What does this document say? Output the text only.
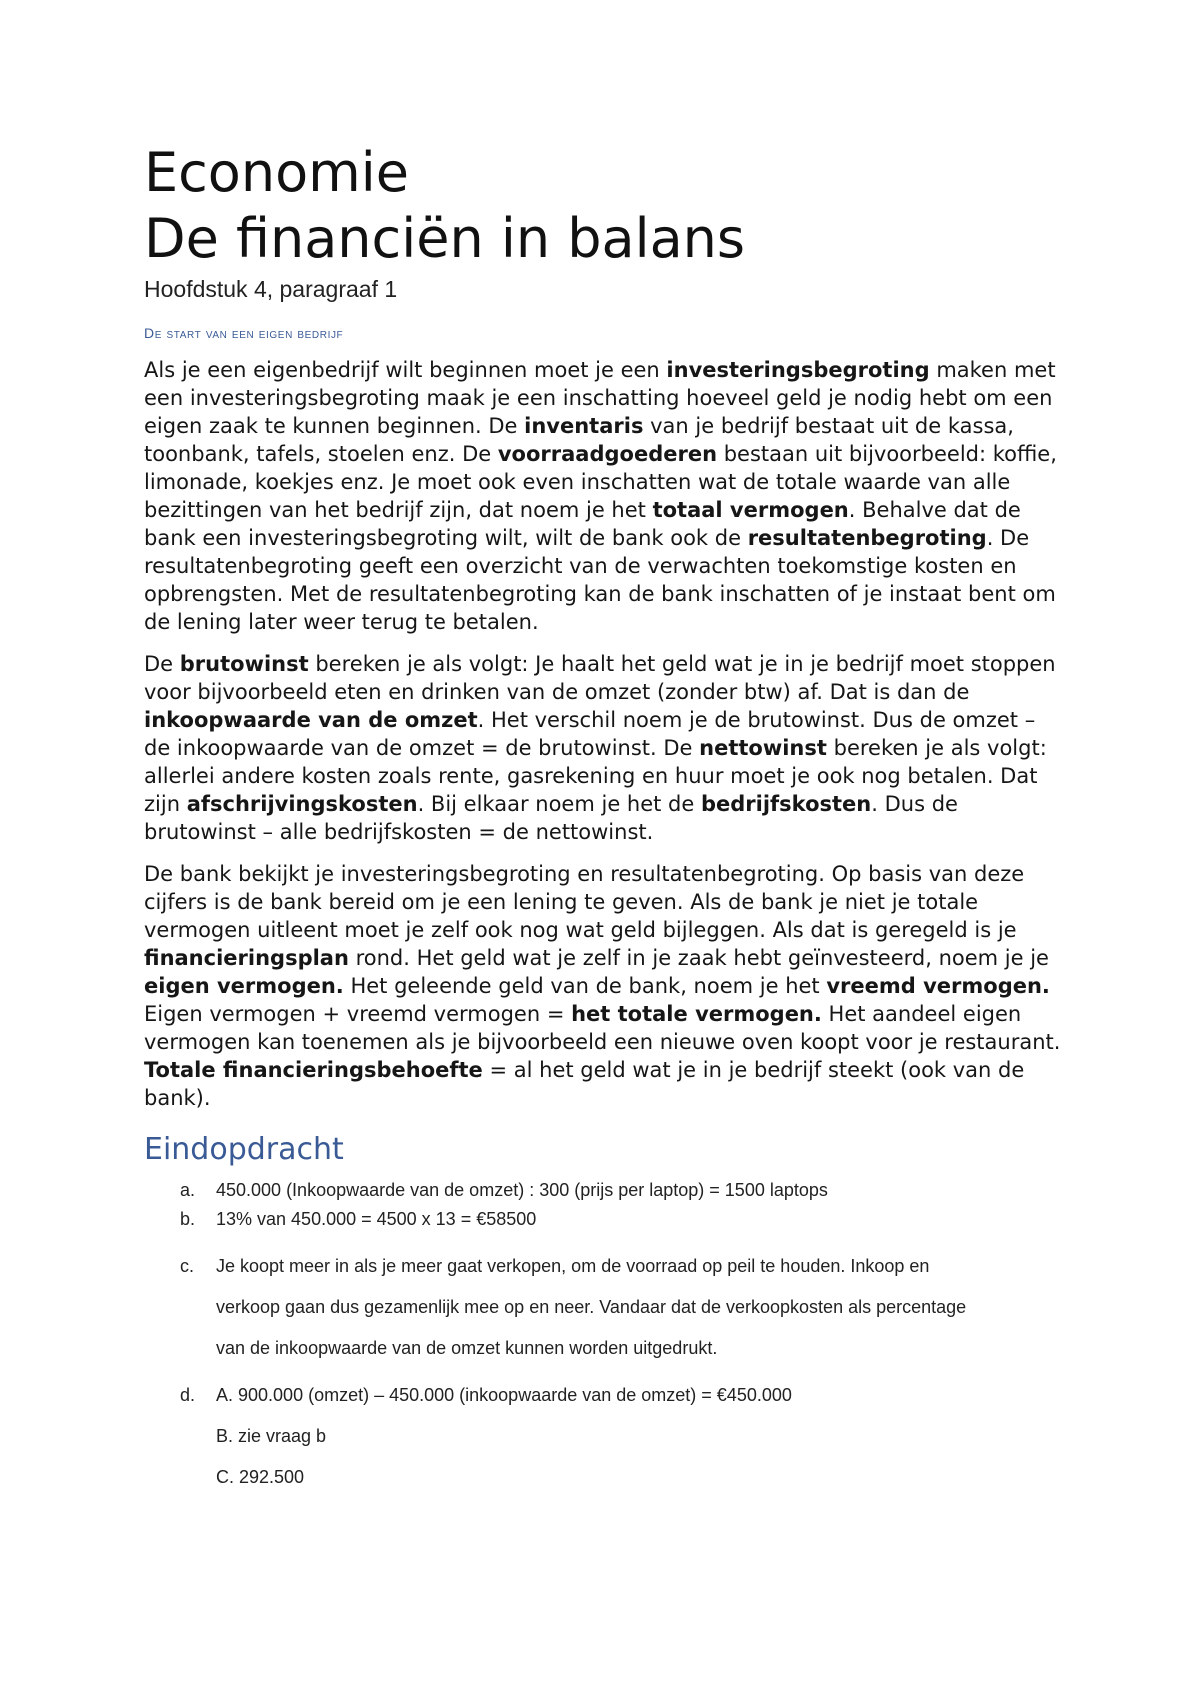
Economie
De financiën in balans
Hoofdstuk 4, paragraaf 1
De start van een eigen bedrijf

Als je een eigenbedrijf wilt beginnen moet je een investeringsbegroting maken met een investeringsbegroting maak je een inschatting hoeveel geld je nodig hebt om een eigen zaak te kunnen beginnen. De inventaris van je bedrijf bestaat uit de kassa, toonbank, tafels, stoelen enz. De voorraadgoederen bestaan uit bijvoorbeeld: koffie, limonade, koekjes enz. Je moet ook even inschatten wat de totale waarde van alle bezittingen van het bedrijf zijn, dat noem je het totaal vermogen. Behalve dat de bank een investeringsbegroting wilt, wilt de bank ook de resultatenbegroting. De resultatenbegroting geeft een overzicht van de verwachten toekomstige kosten en opbrengsten. Met de resultatenbegroting kan de bank inschatten of je instaat bent om de lening later weer terug te betalen.

De brutowinst bereken je als volgt: Je haalt het geld wat je in je bedrijf moet stoppen voor bijvoorbeeld eten en drinken van de omzet (zonder btw) af. Dat is dan de inkoopwaarde van de omzet. Het verschil noem je de brutowinst. Dus de omzet – de inkoopwaarde van de omzet = de brutowinst. De nettowinst bereken je als volgt: allerlei andere kosten zoals rente, gasrekening en huur moet je ook nog betalen. Dat zijn afschrijvingskosten. Bij elkaar noem je het de bedrijfskosten. Dus de brutowinst – alle bedrijfskosten = de nettowinst.

De bank bekijkt je investeringsbegroting en resultatenbegroting. Op basis van deze cijfers is de bank bereid om je een lening te geven. Als de bank je niet je totale vermogen uitleent moet je zelf ook nog wat geld bijleggen. Als dat is geregeld is je financieringsplan rond. Het geld wat je zelf in je zaak hebt geïnvesteerd, noem je je eigen vermogen. Het geleende geld van de bank, noem je het vreemd vermogen. Eigen vermogen + vreemd vermogen = het totale vermogen. Het aandeel eigen vermogen kan toenemen als je bijvoorbeeld een nieuwe oven koopt voor je restaurant. Totale financieringsbehoefte = al het geld wat je in je bedrijf steekt (ook van de bank).

Eindopdracht
a. 450.000 (Inkoopwaarde van de omzet) : 300 (prijs per laptop) = 1500 laptops
b. 13% van 450.000 = 4500 x 13 = €58500
c. Je koopt meer in als je meer gaat verkopen, om de voorraad op peil te houden. Inkoop en
verkoop gaan dus gezamenlijk mee op en neer. Vandaar dat de verkoopkosten als percentage
van de inkoopwaarde van de omzet kunnen worden uitgedrukt.
d. A. 900.000 (omzet) – 450.000 (inkoopwaarde van de omzet) = €450.000
B. zie vraag b
C. 292.500
